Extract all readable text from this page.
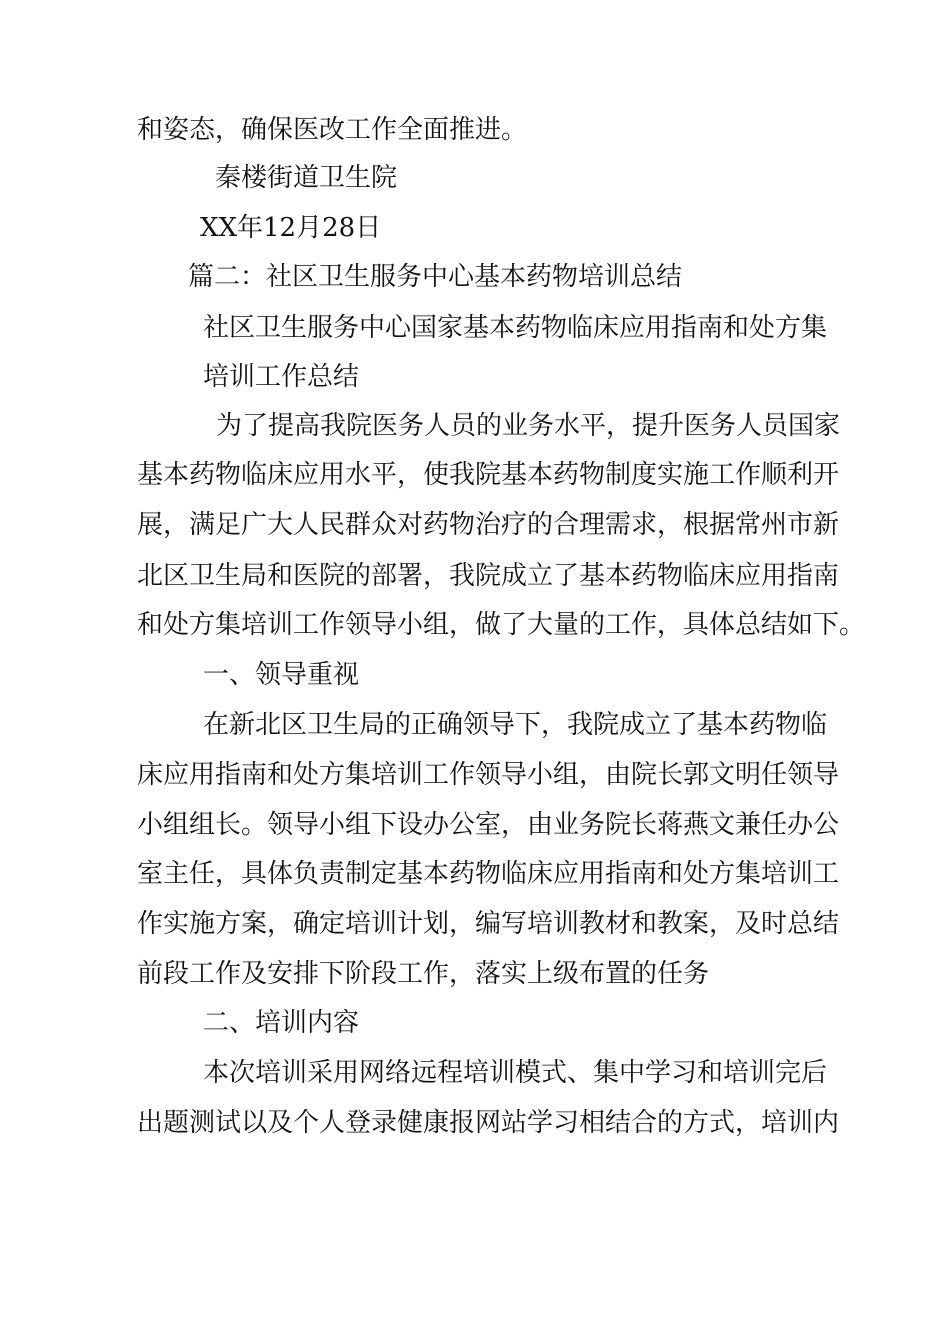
和姿态，确保医改工作全面推进。
秦楼街道卫生院
XX年12月28日
篇二：社区卫生服务中心基本药物培训总结
社区卫生服务中心国家基本药物临床应用指南和处方集
培训工作总结
为了提高我院医务人员的业务水平，提升医务人员国家
基本药物临床应用水平，使我院基本药物制度实施工作顺利开
展，满足广大人民群众对药物治疗的合理需求，根据常州市新
北区卫生局和医院的部署，我院成立了基本药物临床应用指南
和处方集培训工作领导小组，做了大量的工作，具体总结如下。
一、领导重视
在新北区卫生局的正确领导下，我院成立了基本药物临
床应用指南和处方集培训工作领导小组，由院长郭文明任领导
小组组长。领导小组下设办公室，由业务院长蒋燕文兼任办公
室主任，具体负责制定基本药物临床应用指南和处方集培训工
作实施方案，确定培训计划，编写培训教材和教案，及时总结
前段工作及安排下阶段工作，落实上级布置的任务
二、培训内容
本次培训采用网络远程培训模式、集中学习和培训完后
出题测试以及个人登录健康报网站学习相结合的方式，培训内
